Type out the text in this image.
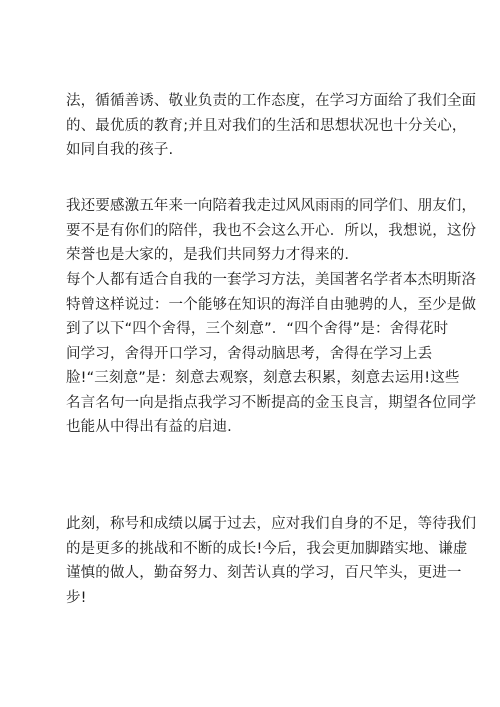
法，循循善诱、敬业负责的工作态度，在学习方面给了我们全面
的、最优质的教育;并且对我们的生活和思想状况也十分关心，
如同自我的孩子.
我还要感激五年来一向陪着我走过风风雨雨的同学们、朋友们，
要不是有你们的陪伴，我也不会这么开心．所以，我想说，这份
荣誉也是大家的，是我们共同努力才得来的.
每个人都有适合自我的一套学习方法，美国著名学者本杰明斯洛
特曾这样说过：一个能够在知识的海洋自由驰骋的人，至少是做
到了以下“四个舍得，三个刻意”．“四个舍得”是：舍得花时
间学习，舍得开口学习，舍得动脑思考，舍得在学习上丢
脸!“三刻意”是：刻意去观察，刻意去积累，刻意去运用!这些
名言名句一向是指点我学习不断提高的金玉良言，期望各位同学
也能从中得出有益的启迪.
此刻，称号和成绩以属于过去，应对我们自身的不足，等待我们
的是更多的挑战和不断的成长!今后，我会更加脚踏实地、谦虚
谨慎的做人，勤奋努力、刻苦认真的学习，百尺竿头，更进一
步!
